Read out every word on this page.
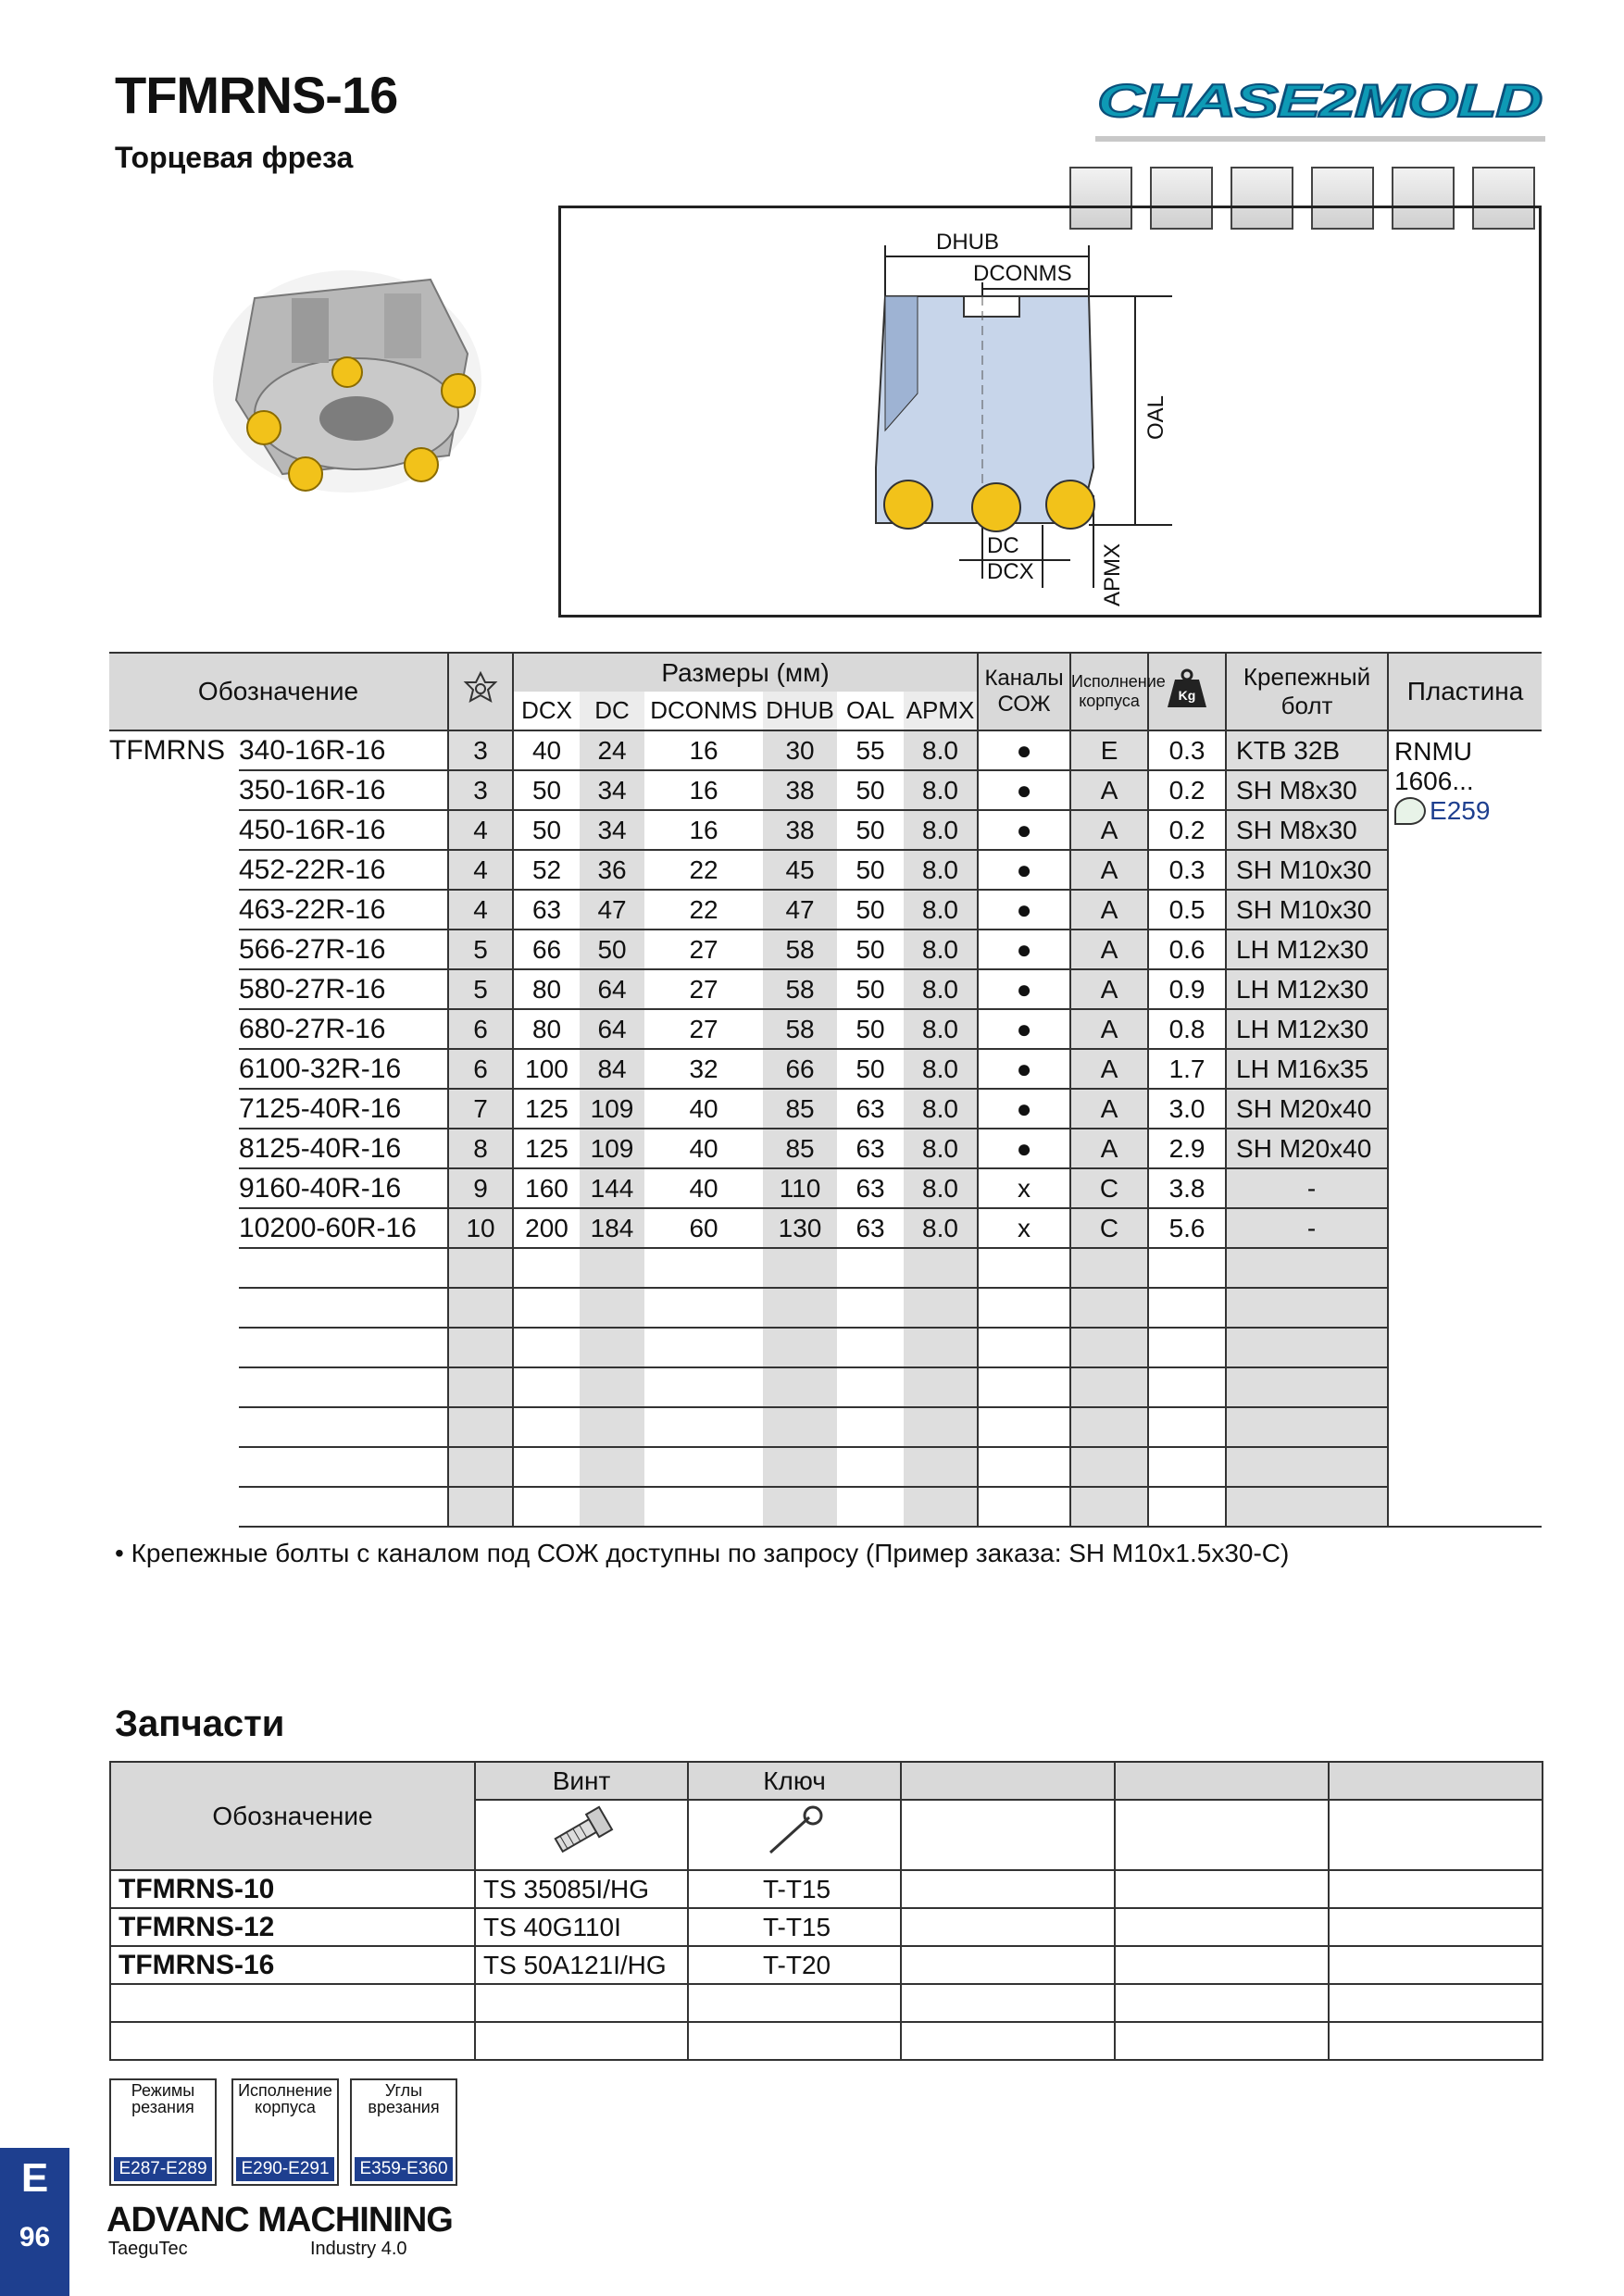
TFMRNS-16
Торцевая фреза
CHASE2MOLD
DHUB
DCONMS
OAL
DC
DCX	APMX
Обозначение			Размеры (мм)						Каналы СОЖ	Исполнение корпуса	Kg	Крепежный болт	Пластина
			DCX	DC	DCONMS	DHUB	OAL	APMX					
TFMRNS	340-16R-16	3	40	24	16	30	55	8.0	●	E	0.3	KTB 32B	RNMU
1606...
E259

	350-16R-16	3	50	34	16	38	50	8.0	●	A	0.2	SH M8x30	
	450-16R-16	4	50	34	16	38	50	8.0	●	A	0.2	SH M8x30	
	452-22R-16	4	52	36	22	45	50	8.0	●	A	0.3	SH M10x30	
	463-22R-16	4	63	47	22	47	50	8.0	●	A	0.5	SH M10x30	
	566-27R-16	5	66	50	27	58	50	8.0	●	A	0.6	LH M12x30	
	580-27R-16	5	80	64	27	58	50	8.0	●	A	0.9	LH M12x30	
	680-27R-16	6	80	64	27	58	50	8.0	●	A	0.8	LH M12x30	
	6100-32R-16	6	100	84	32	66	50	8.0	●	A	1.7	LH M16x35	
	7125-40R-16	7	125	109	40	85	63	8.0	●	A	3.0	SH M20x40	
	8125-40R-16	8	125	109	40	85	63	8.0	●	A	2.9	SH M20x40	
	9160-40R-16	9	160	144	40	110	63	8.0	x	C	3.8	-	
	10200-60R-16	10	200	184	60	130	63	8.0	x	C	5.6	-	

• Крепежные болты с каналом под СОЖ доступны по запросу (Пример заказа: SH M10x1.5x30-C)
Запчасти
Обозначение	Винт	Ключ			

TFMRNS-10	TS 35085I/HG	T-T15			
TFMRNS-12	TS 40G110I	T-T15			
TFMRNS-16	TS 50A121I/HG	T-T20			

Режимы резания
E287-E289
Исполнение корпуса
E290-E291
Углы врезания
E359-E360
E
96	ADVANC MACHINING
TaeguTec	Industry 4.0
